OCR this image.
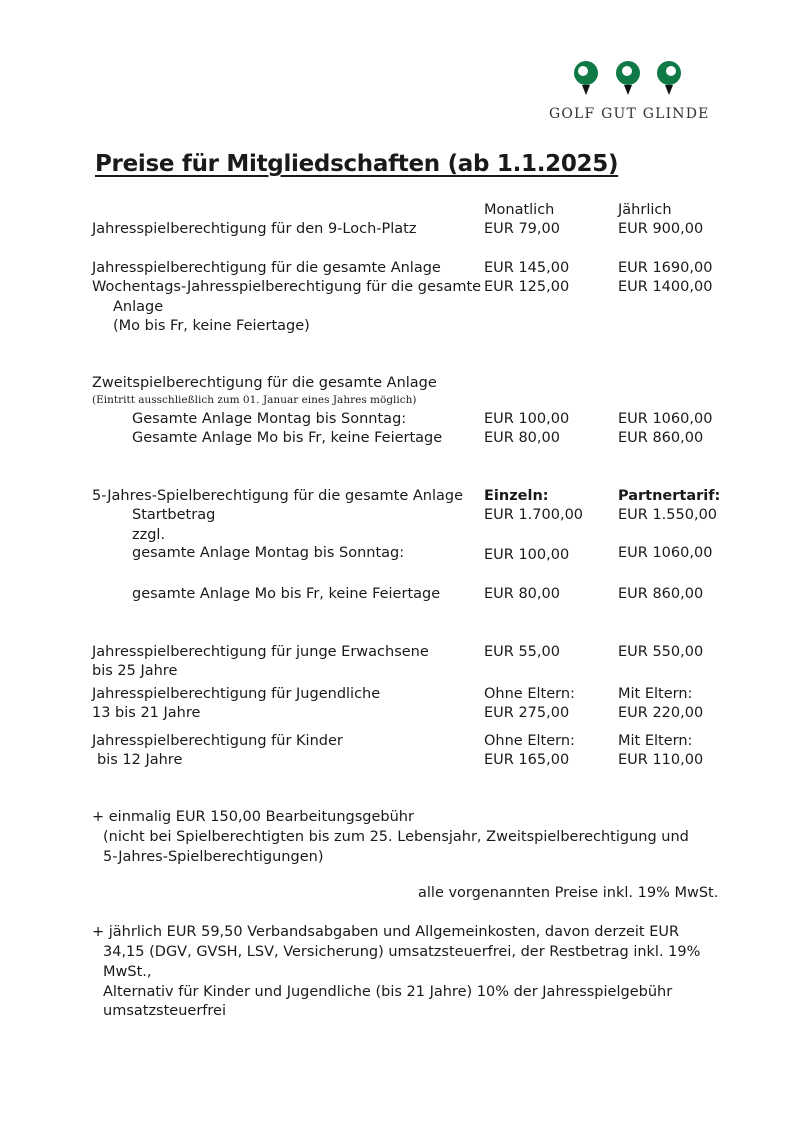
GOLF GUT GLINDE
Preise für Mitgliedschaften (ab 1.1.2025)
Monatlich	Jährlich
Jahresspielberechtigung für den 9-Loch-Platz	EUR 79,00	EUR 900,00
Jahresspielberechtigung für die gesamte Anlage	EUR 145,00	EUR 1690,00
Wochentags-Jahresspielberechtigung für die gesamte EUR 125,00	EUR 1400,00
Anlage
(Mo bis Fr, keine Feiertage)
Zweitspielberechtigung für die gesamte Anlage
(Eintritt ausschließlich zum 01. Januar eines Jahres möglich)
Gesamte Anlage Montag bis Sonntag:	EUR 100,00	EUR 1060,00
Gesamte Anlage Mo bis Fr, keine Feiertage	EUR 80,00	EUR 860,00
5-Jahres-Spielberechtigung für die gesamte Anlage Einzeln:	Partnertarif:
Startbetrag	EUR 1.700,00 EUR 1.550,00
zzgl.
gesamte Anlage Montag bis Sonntag:	EUR 100,00	EUR 1060,00
gesamte Anlage Mo bis Fr, keine Feiertage	EUR 80,00	EUR 860,00
Jahresspielberechtigung für junge Erwachsene	EUR 55,00	EUR 550,00
bis 25 Jahre
Jahresspielberechtigung für Jugendliche	Ohne Eltern:	Mit Eltern:
13 bis 21 Jahre	EUR 275,00	EUR 220,00
Jahresspielberechtigung für Kinder	Ohne Eltern:	Mit Eltern:
bis 12 Jahre	EUR 165,00	EUR 110,00
+ einmalig EUR 150,00 Bearbeitungsgebühr
(nicht bei Spielberechtigten bis zum 25. Lebensjahr, Zweitspielberechtigung und
5-Jahres-Spielberechtigungen)
alle vorgenannten Preise inkl. 19% MwSt.
+ jährlich EUR 59,50 Verbandsabgaben und Allgemeinkosten, davon derzeit EUR
34,15 (DGV, GVSH, LSV, Versicherung) umsatzsteuerfrei, der Restbetrag inkl. 19%
MwSt.,
Alternativ für Kinder und Jugendliche (bis 21 Jahre) 10% der Jahresspielgebühr
umsatzsteuerfrei
